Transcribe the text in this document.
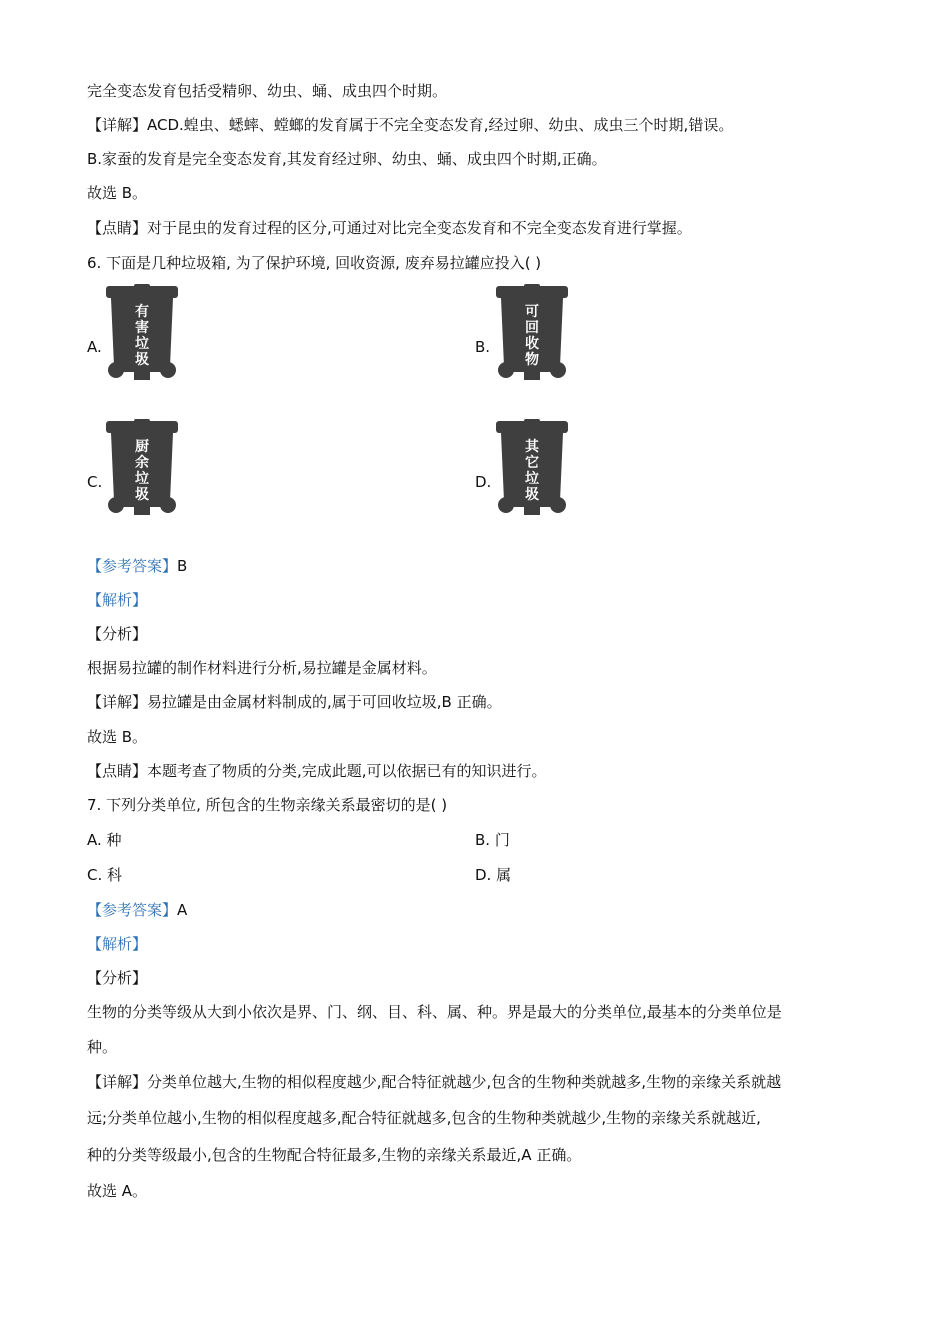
完全变态发育包括受精卵、幼虫、蛹、成虫四个时期。
【详解】ACD.蝗虫、蟋蟀、螳螂的发育属于不完全变态发育,经过卵、幼虫、成虫三个时期,错误。
B.家蚕的发育是完全变态发育,其发育经过卵、幼虫、蛹、成虫四个时期,正确。
故选 B。
【点睛】对于昆虫的发育过程的区分,可通过对比完全变态发育和不完全变态发育进行掌握。
6. 下面是几种垃圾箱, 为了保护环境, 回收资源, 废弃易拉罐应投入( )
A.
有
害
垃
圾
B.
可
回
收
物
C.
厨
余
垃
圾
D.
其
它
垃
圾
【参考答案】B
【解析】
【分析】
根据易拉罐的制作材料进行分析,易拉罐是金属材料。
【详解】易拉罐是由金属材料制成的,属于可回收垃圾,B 正确。
故选 B。
【点睛】本题考查了物质的分类,完成此题,可以依据已有的知识进行。
7. 下列分类单位, 所包含的生物亲缘关系最密切的是( )
A. 种	B. 门
C. 科	D. 属
【参考答案】A
【解析】
【分析】
生物的分类等级从大到小依次是界、门、纲、目、科、属、种。界是最大的分类单位,最基本的分类单位是
种。
【详解】分类单位越大,生物的相似程度越少,配合特征就越少,包含的生物种类就越多,生物的亲缘关系就越
远;分类单位越小,生物的相似程度越多,配合特征就越多,包含的生物种类就越少,生物的亲缘关系就越近,
种的分类等级最小,包含的生物配合特征最多,生物的亲缘关系最近,A 正确。
故选 A。
